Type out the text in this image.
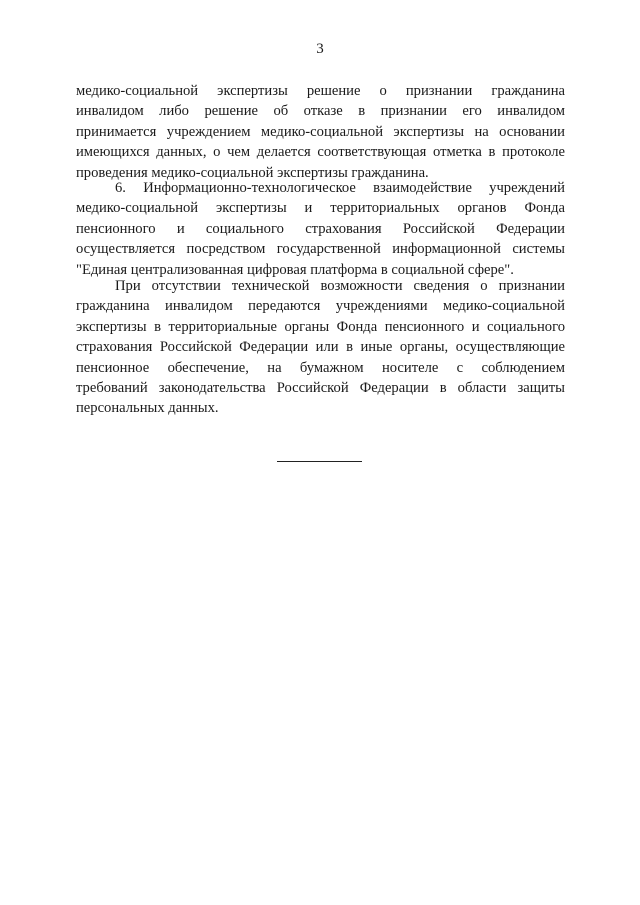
3
медико-социальной экспертизы решение о признании гражданина
инвалидом либо решение об отказе в признании его инвалидом
принимается учреждением медико-социальной экспертизы на основании
имеющихся данных, о чем делается соответствующая отметка в протоколе
проведения медико-социальной экспертизы гражданина.
6. Информационно-технологическое взаимодействие учреждений
медико-социальной экспертизы и территориальных органов Фонда
пенсионного и социального страхования Российской Федерации
осуществляется посредством государственной информационной системы
"Единая централизованная цифровая платформа в социальной сфере".
При отсутствии технической возможности сведения о признании
гражданина инвалидом передаются учреждениями медико-социальной
экспертизы в территориальные органы Фонда пенсионного и социального
страхования Российской Федерации или в иные органы, осуществляющие
пенсионное обеспечение, на бумажном носителе с соблюдением
требований законодательства Российской Федерации в области защиты
персональных данных.
